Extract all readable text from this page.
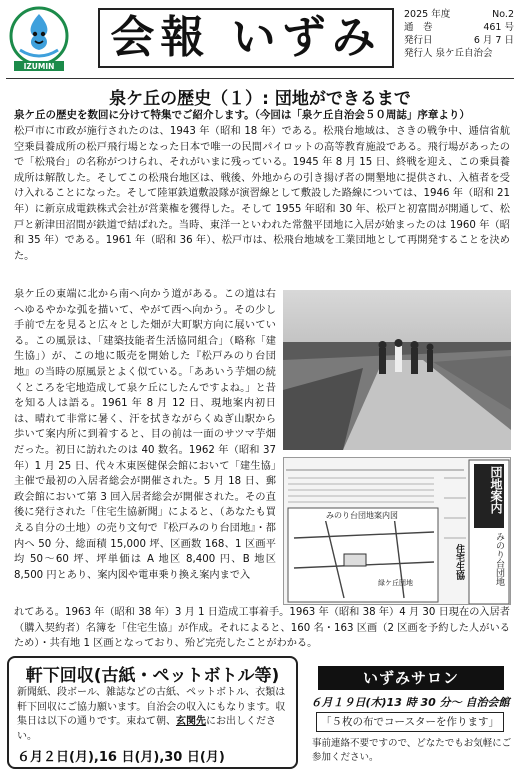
IZUMIN
会報 いずみ 2025 年度	No.2
通　巻	461 号
発行日	6 月 7 日
発行人 泉ケ丘自治会
泉ケ丘の歴史（１）: 団地ができるまで
泉ケ丘の歴史を数回に分けて特集でご紹介します。（今回は「泉ケ丘自治会５０周誌」序章より）
松戸市に市政が施行されたのは、1943 年（昭和 18 年）である。松飛台地域は、さきの戦争中、逓信省航空乗員養成所の松戸飛行場となった日本で唯一の民間パイロットの高等教育施設である。飛行場があったので「松飛台」の名称がつけられ、それがいまに残っている。1945 年 8 月 15 日、終戦を迎え、この乗員養成所は解散した。そしてこの松飛台地区は、戦後、外地からの引き揚げ者の開墾地に提供され、入植者を受け入れることになった。そして陸軍鉄道敷設隊が演習線として敷設した路線については、1946 年（昭和 21 年）に新京成電鉄株式会社が営業権を獲得した。そして 1955 年昭和 30 年、松戸と初富間が開通して、松戸と新津田沼間が鉄道で結ばれた。当時、東洋一といわれた常盤平団地に入居が始まったのは 1960 年（昭和 35 年）である。1961 年（昭和 36 年）、松戸市は、松飛台地域を工業団地として再開発することを決めた。
泉ケ丘の東端に北から南へ向かう道がある。この道は右へゆるやかな弧を描いて、やがて西へ向かう。その少し手前で左を見ると広々とした畑が大町駅方向に展いている。この風景は、「建築技能者生活協同組合」（略称「建生協」）が、この地に販売を開始した『松戸みのり台団地』の当時の原風景とよく似ている。「ああいう芋畑の続くところを宅地造成して泉ケ丘にしたんですよね。」と昔を知る人は語る。1961 年 8 月 12 日、現地案内初日は、晴れて非常に暑く、汗を拭きながらくぬぎ山駅から歩いて案内所に到着すると、目の前は一面のサツマ芋畑だった。初日に訪れたのは 40 数名。1962 年（昭和 37 年）1 月 25 日、代々木東医健保会館において「建生協」主催で最初の入居者総会が開催された。5 月 18 日、郵政会館において第 3 回入居者総会が開催された。その直後に発行された「住宅生協新聞」によると、（あなたも買える自分の土地）の売り文句で『松戸みのり台団地』・都内へ 50 分、総面積 15,000 坪、区画数 168、1 区画平均 50〜60 坪、坪単価は A 地区 8,400 円、B 地区 8,500 円とあり、案内図や電車乗り換え案内まで入
れてある。1963 年（昭和 38 年）3 月 1 日造成工事着手。1963 年（昭和 38 年）4 月 30 日現在の入居者（購入契約者）名簿を「住宅生協」が作成。それによると、160 名・163 区画（2 区画を予約した人がいるため）・共有地 1 区画となっており、殆ど完売したことがわかる。
団地案内
みのり台団地
みのり台団地案内図
緑ケ丘団地
住宅生協
軒下回収(古紙・ペットボトル等)
新聞紙、段ボール、雑誌などの古紙、ペットボトル、衣類は軒下回収にご協力願います。自治会の収入にもなります。収集日は以下の通りです。束ねて朝、玄関先にお出しください。
６月２日(月),16 日(月),30 日(月)
いずみサロン
６月１９日(木)13 時 30 分〜 自治会館
「５枚の布でコースターを作ります」
事前連絡不要ですので、どなたでもお気軽にご参加ください。
